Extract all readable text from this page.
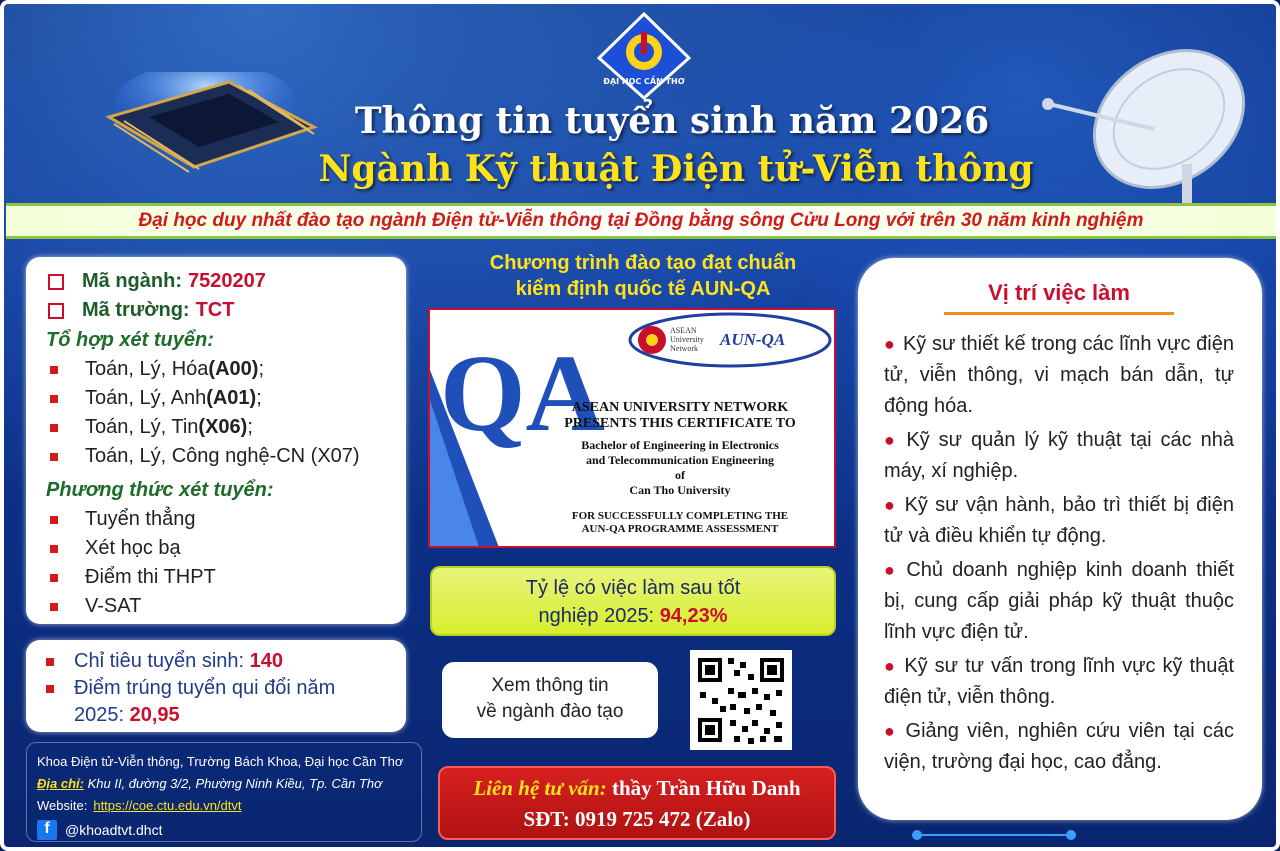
ĐẠI HỌC CẦN THƠ
Thông tin tuyển sinh năm 2026
Ngành Kỹ thuật Điện tử-Viễn thông
Đại học duy nhất đào tạo ngành Điện tử-Viễn thông tại Đồng bằng sông Cửu Long với trên 30 năm kinh nghiệm
Mã ngành: 7520207
Mã trường: TCT
Tổ hợp xét tuyển:
Toán, Lý, Hóa (A00) ;
Toán, Lý, Anh (A01) ;
Toán, Lý, Tin (X06) ;
Toán, Lý, Công nghệ-CN (X07)
Phương thức xét tuyển:
Tuyển thẳng
Xét học bạ
Điểm thi THPT
V-SAT
Chỉ tiêu tuyển sinh: 140
Điểm trúng tuyển qui đổi năm
2025: 20,95
Khoa Điện tử-Viễn thông, Trường Bách Khoa, Đại học Cần Thơ
Địa chỉ: Khu II, đường 3/2, Phường Ninh Kiều, Tp. Cần Thơ
Website: https://coe.ctu.edu.vn/dtvt
f	@khoadtvt.dhct
Chương trình đào tạo đạt chuẩn
kiểm định quốc tế AUN-QA
QA
ASEAN
University
Network	AUN-QA
ASEAN UNIVERSITY NETWORK
PRESENTS THIS CERTIFICATE TO
Bachelor of Engineering in Electronics
and Telecommunication Engineering
of
Can Tho University
FOR SUCCESSFULLY COMPLETING THE
AUN-QA PROGRAMME ASSESSMENT
Tỷ lệ có việc làm sau tốt
nghiệp 2025: 94,23%
Xem thông tin
về ngành đào tạo
Liên hệ tư vấn: thầy Trần Hữu Danh
SĐT: 0919 725 472 (Zalo)
Vị trí việc làm
● Kỹ sư thiết kế trong các lĩnh vực điện tử, viễn thông, vi mạch bán dẫn, tự động hóa.
● Kỹ sư quản lý kỹ thuật tại các nhà máy, xí nghiệp.
● Kỹ sư vận hành, bảo trì thiết bị điện tử và điều khiển tự động.
● Chủ doanh nghiệp kinh doanh thiết bị, cung cấp giải pháp kỹ thuật thuộc lĩnh vực điện tử.
● Kỹ sư tư vấn trong lĩnh vực kỹ thuật điện tử, viễn thông.
● Giảng viên, nghiên cứu viên tại các viện, trường đại học, cao đẳng.
